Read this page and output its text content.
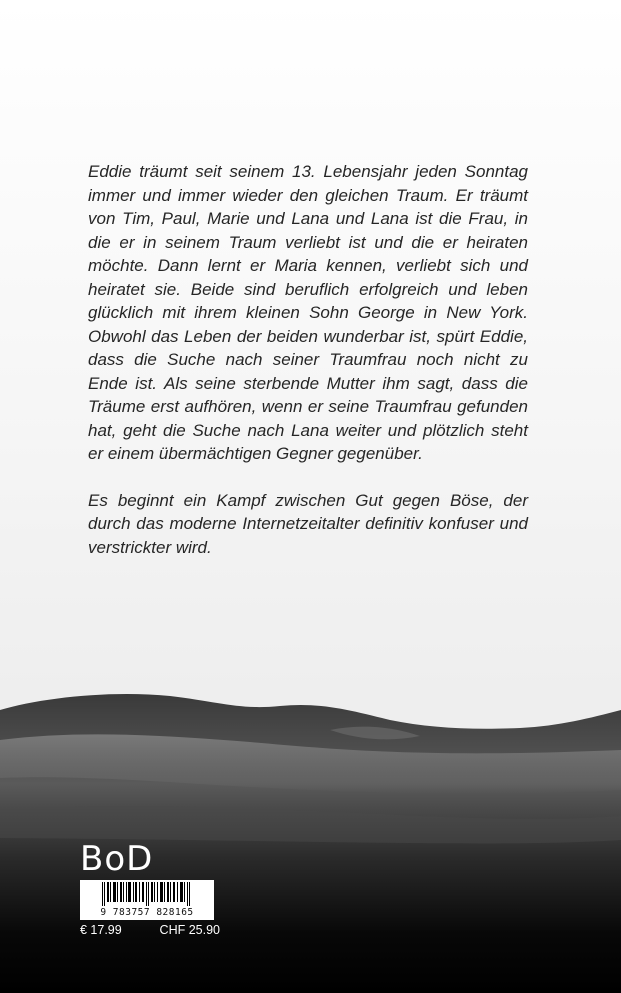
Eddie träumt seit seinem 13. Lebensjahr jeden Sonntag immer und immer wieder den gleichen Traum. Er träumt von Tim, Paul, Marie und Lana und Lana ist die Frau, in die er in seinem Traum verliebt ist und die er heiraten möchte. Dann lernt er Maria kennen, verliebt sich und heiratet sie. Beide sind beruflich erfolgreich und leben glücklich mit ihrem kleinen Sohn George in New York. Obwohl das Leben der beiden wunderbar ist, spürt Eddie, dass die Suche nach seiner Traumfrau noch nicht zu Ende ist. Als seine sterbende Mutter ihm sagt, dass die Träume erst aufhören, wenn er seine Traumfrau gefunden hat, geht die Suche nach Lana weiter und plötzlich steht er einem übermächtigen Gegner gegenüber.

Es beginnt ein Kampf zwischen Gut gegen Böse, der durch das moderne Internetzeitalter definitiv konfuser und verstrickter wird.

BoD
9 783757 828165
€ 17.99	CHF 25.90
